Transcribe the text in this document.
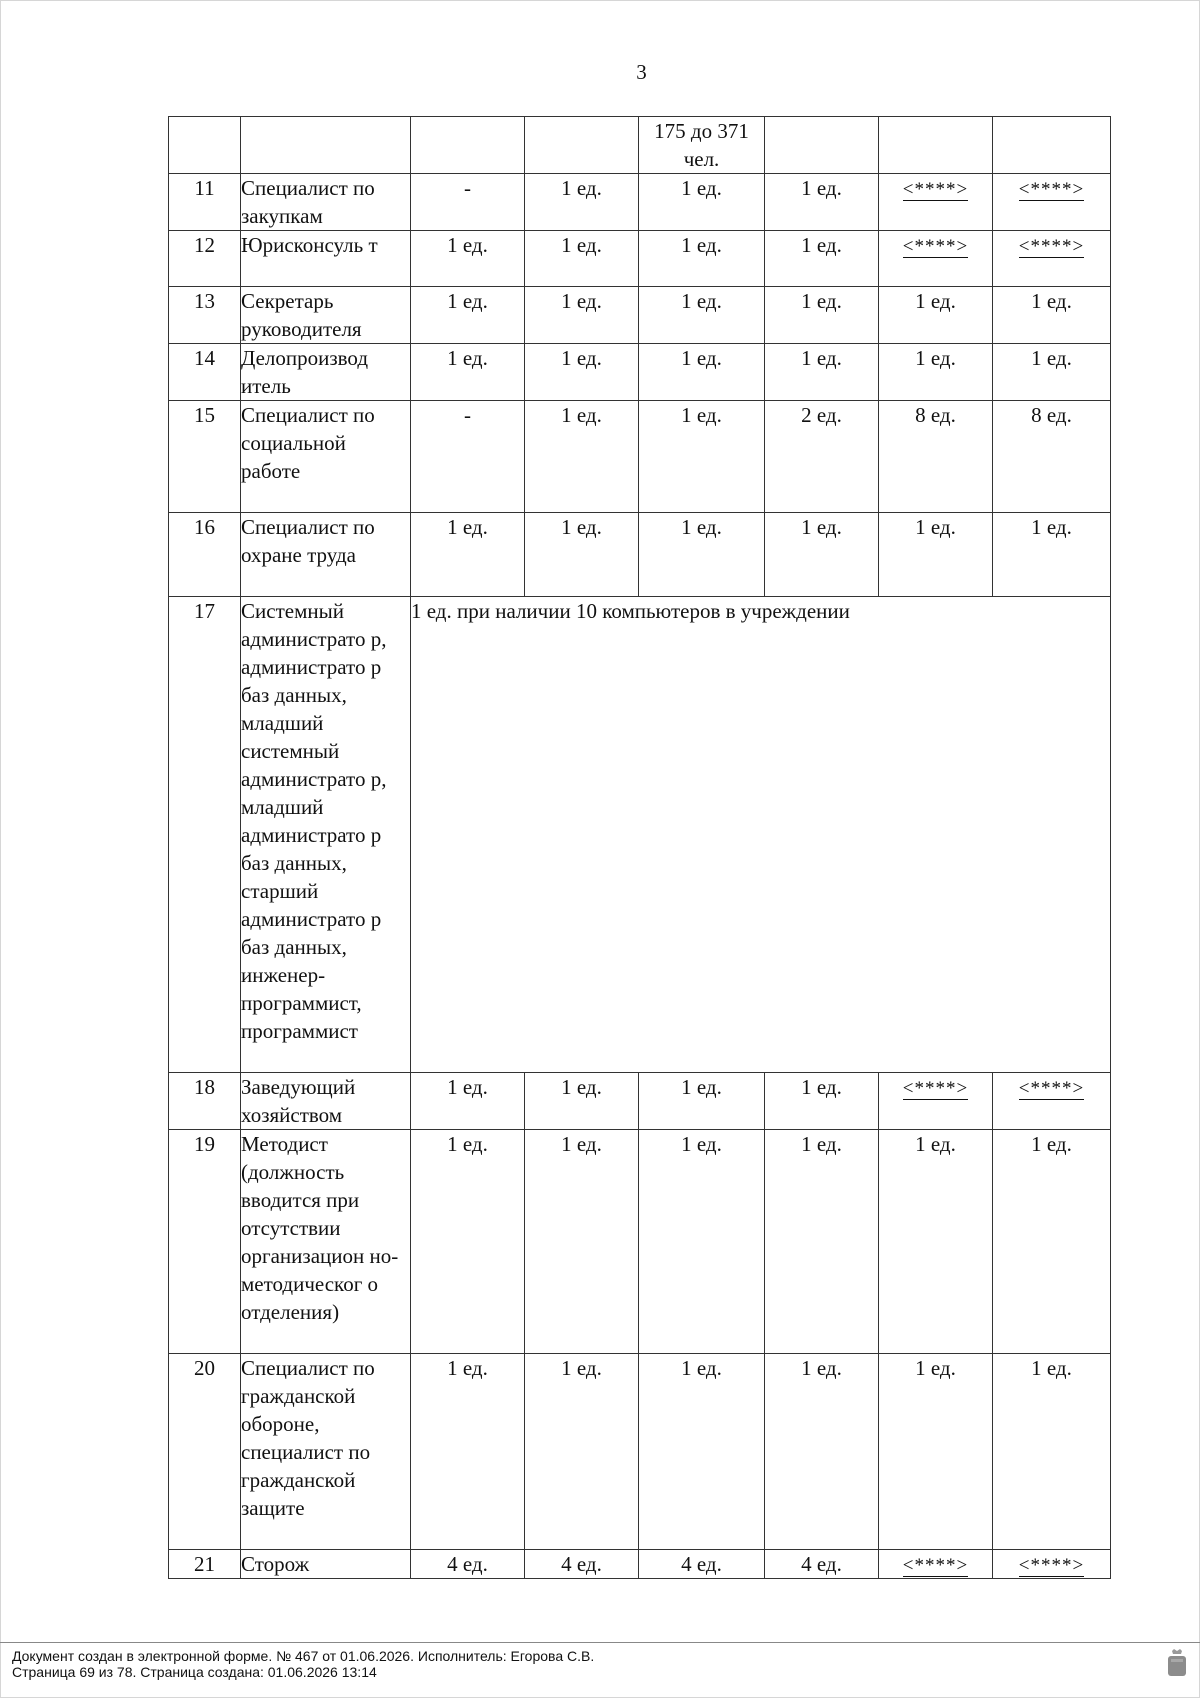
3
				175 до 371 чел.			
11	Специалист по закупкам	-	1 ед.	1 ед.	1 ед.	<****>	<****>
12	Юрисконсуль т	1 ед.	1 ед.	1 ед.	1 ед.	<****>	<****>
13	Секретарь руководителя	1 ед.	1 ед.	1 ед.	1 ед.	1 ед.	1 ед.
14	Делопроизвод итель	1 ед.	1 ед.	1 ед.	1 ед.	1 ед.	1 ед.
15	Специалист по социальной работе	-	1 ед.	1 ед.	2 ед.	8 ед.	8 ед.
16	Специалист по охране труда	1 ед.	1 ед.	1 ед.	1 ед.	1 ед.	1 ед.
17	Системный администрато р, администрато р баз данных, младший системный администрато р, младший администрато р баз данных, старший администрато р баз данных, инженер-программист, программист	1 ед. при наличии 10 компьютеров в учреждении					
18	Заведующий хозяйством	1 ед.	1 ед.	1 ед.	1 ед.	<****>	<****>
19	Методист (должность вводится при отсутствии организацион но-методическог о отделения)	1 ед.	1 ед.	1 ед.	1 ед.	1 ед.	1 ед.
20	Специалист по гражданской обороне, специалист по гражданской защите	1 ед.	1 ед.	1 ед.	1 ед.	1 ед.	1 ед.
21	Сторож	4 ед.	4 ед.	4 ед.	4 ед.	<****>	<****>
Документ создан в электронной форме. № 467 от 01.06.2026. Исполнитель: Егорова С.В.
Страница 69 из 78. Страница создана: 01.06.2026 13:14
